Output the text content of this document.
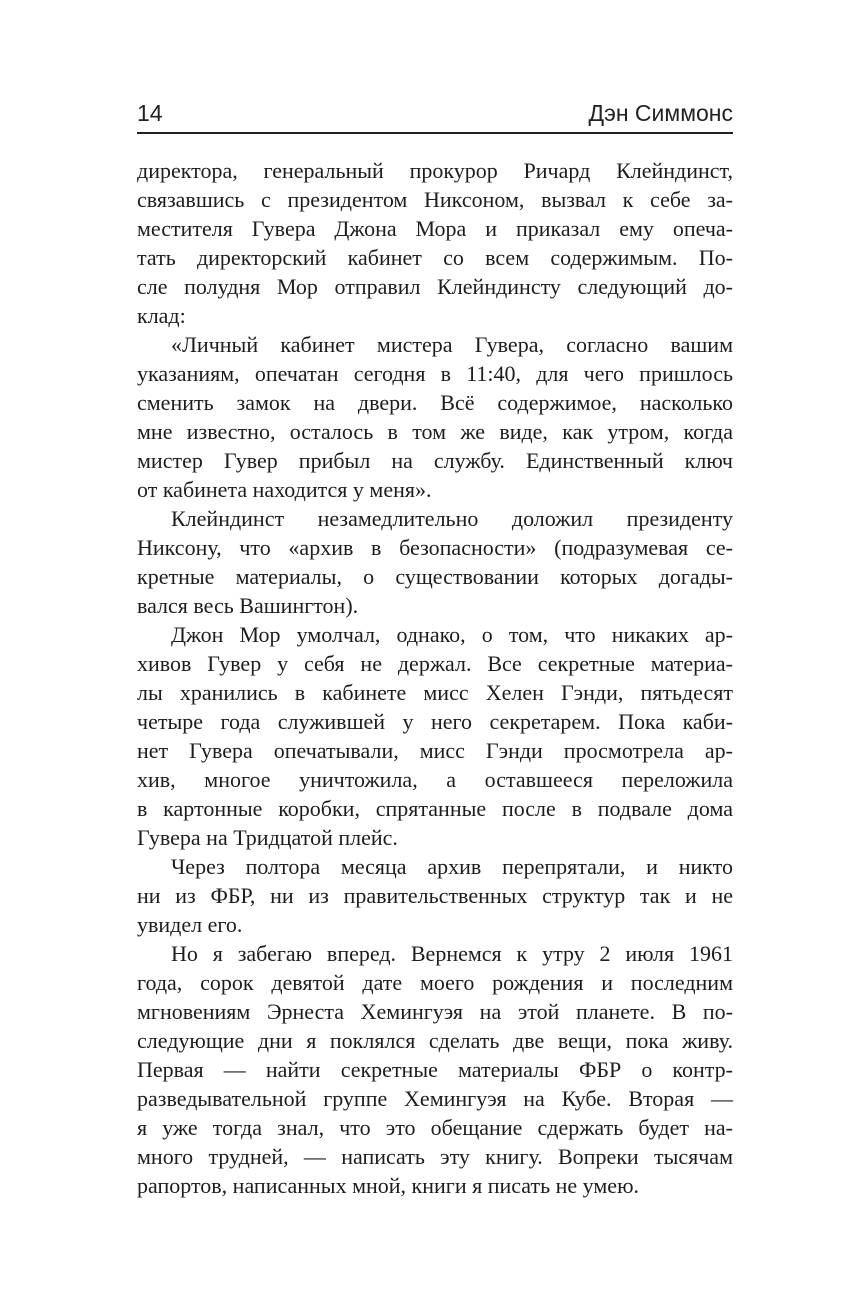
14	Дэн Симмонс
директора, генеральный прокурор Ричард Клейндинст,
связавшись с президентом Никсоном, вызвал к себе за-
местителя Гувера Джона Мора и приказал ему опеча-
тать директорский кабинет со всем содержимым. По-
сле полудня Мор отправил Клейндинсту следующий до-
клад:
«Личный кабинет мистера Гувера, согласно вашим
указаниям, опечатан сегодня в 11:40, для чего пришлось
сменить замок на двери. Всё содержимое, насколько
мне известно, осталось в том же виде, как утром, когда
мистер Гувер прибыл на службу. Единственный ключ
от кабинета находится у меня».
Клейндинст незамедлительно доложил президенту
Никсону, что «архив в безопасности» (подразумевая се-
кретные материалы, о существовании которых догады-
вался весь Вашингтон).
Джон Мор умолчал, однако, о том, что никаких ар-
хивов Гувер у себя не держал. Все секретные материа-
лы хранились в кабинете мисс Хелен Гэнди, пятьдесят
четыре года служившей у него секретарем. Пока каби-
нет Гувера опечатывали, мисс Гэнди просмотрела ар-
хив, многое уничтожила, а оставшееся переложила
в картонные коробки, спрятанные после в подвале дома
Гувера на Тридцатой плейс.
Через полтора месяца архив перепрятали, и никто
ни из ФБР, ни из правительственных структур так и не
увидел его.
Но я забегаю вперед. Вернемся к утру 2 июля 1961
года, сорок девятой дате моего рождения и последним
мгновениям Эрнеста Хемингуэя на этой планете. В по-
следующие дни я поклялся сделать две вещи, пока живу.
Первая — найти секретные материалы ФБР о контр-
разведывательной группе Хемингуэя на Кубе. Вторая —
я уже тогда знал, что это обещание сдержать будет на-
много трудней, — написать эту книгу. Вопреки тысячам
рапортов, написанных мной, книги я писать не умею.
